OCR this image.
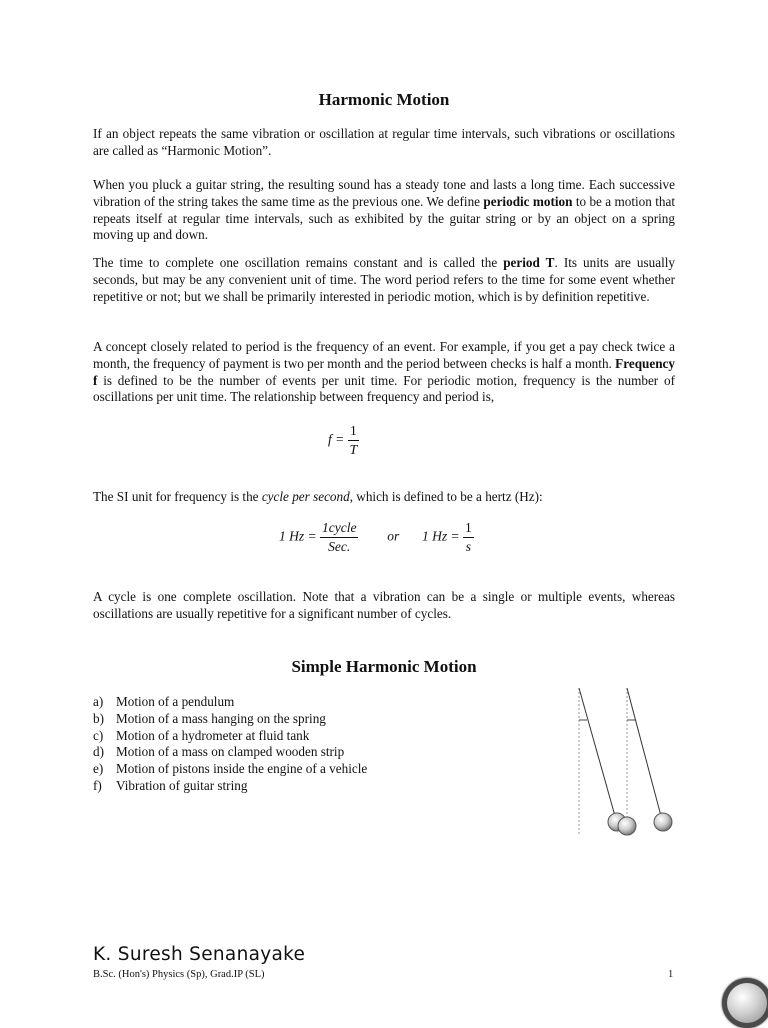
Harmonic Motion

If an object repeats the same vibration or oscillation at regular time intervals, such vibrations or oscillations are called as “Harmonic Motion”.

When you pluck a guitar string, the resulting sound has a steady tone and lasts a long time. Each successive vibration of the string takes the same time as the previous one. We define periodic motion to be a motion that repeats itself at regular time intervals, such as exhibited by the guitar string or by an object on a spring moving up and down.

The time to complete one oscillation remains constant and is called the period T. Its units are usually seconds, but may be any convenient unit of time. The word period refers to the time for some event whether repetitive or not; but we shall be primarily interested in periodic motion, which is by definition repetitive.

A concept closely related to period is the frequency of an event. For example, if you get a pay check twice a month, the frequency of payment is two per month and the period between checks is half a month. Frequency f is defined to be the number of events per unit time. For periodic motion, frequency is the number of oscillations per unit time. The relationship between frequency and period is,

$f = \frac{1}{T}$

The SI unit for frequency is the cycle per second, which is defined to be a hertz (Hz):

1 $Hz = \frac{\text{1cycle}}{\text{Sec.}}$ or 1 $Hz = \frac{1}{s}$

A cycle is one complete oscillation. Note that a vibration can be a single or multiple events, whereas oscillations are usually repetitive for a significant number of cycles.

Simple Harmonic Motion
a) Motion of a pendulum
b) Motion of a mass hanging on the spring
c) Motion of a hydrometer at fluid tank
d) Motion of a mass on clamped wooden strip
e) Motion of pistons inside the engine of a vehicle
f)	Vibration of guitar string

K. Suresh Senanayake

B.Sc. (Hon's) Physics (Sp), Grad.IP (SL)	1
